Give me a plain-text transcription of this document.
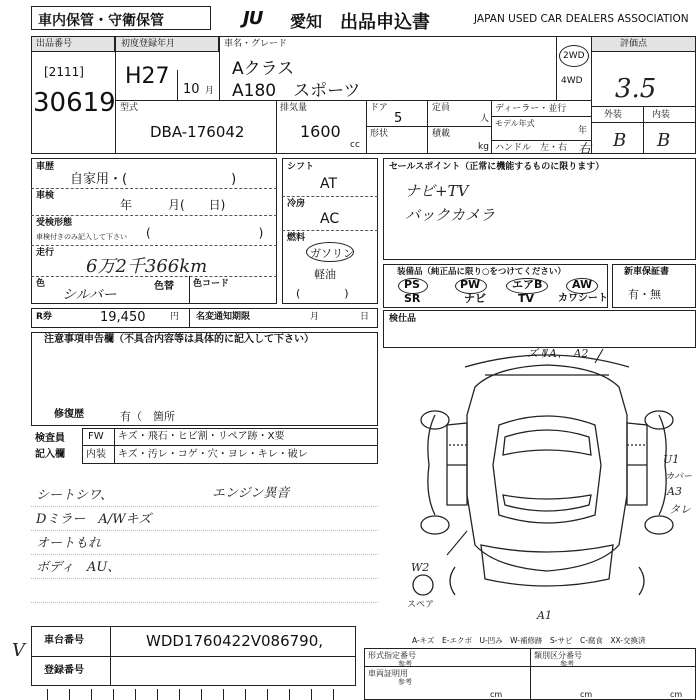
車内保管・守衛保管	JU 愛知 出品申込書	JAPAN USED CAR DEALERS ASSOCIATION
出品番号
[2111]
30619
初度登録年月
H27
10 月
車名・グレード
Aクラス
A180　スポーツ
2WD
4WD
評価点
3.5
外装	内装
B B
型式
DBA-176042
排気量
1600
cc
ドア
5
形状
定員
人
積載
kg
ディーラー・並行
モデル年式
年
ハンドル　左・右 右
車歴
自家用・(　　　　　　　　)
車検
年　　　月(　　日)
受検形態
車検付きのみ記入して下さい (　　　　　　　　　)
走行
6万2千366km
色
シルバー
色替 色コード
シフト
AT
冷房
AC
燃料
ガソリン
軽油
(　　　　)
セールスポイント（正常に機能するものに限ります）
ナビ+TV
バックカメラ
装備品（純正品に限り○をつけてください）
PS	PW	エアB	AW
SR	ナビ	TV カワシート
新車保証書
有・無
R券	19,450	円 名変通知期限	月	日 検仕品
注意事項申告欄（不具合内容等は具体的に記入して下さい）
修復歴	有（　箇所
検査員
記入欄
FW キズ・飛石・ヒビ割・リペア跡・X要
内装 キズ・汚レ・コゲ・穴・ヨレ・キレ・破レ
シートシワ、	エンジン異音
Dミラー　A/Wキズ
オートもれ
ボディ　AU、
ズリA、　A2
U1
カバー
A3
タレ
W2
A1
スペア
A-キズ　E-エクボ　U-凹み　W-補修跡　S-サビ　C-腐食　XX-交換済
V 車台番号	WDD1760422V086790,
登録番号
形式指定番号
参考
類別区分番号
参考
車両証明用
参考
cm	cm	cm
